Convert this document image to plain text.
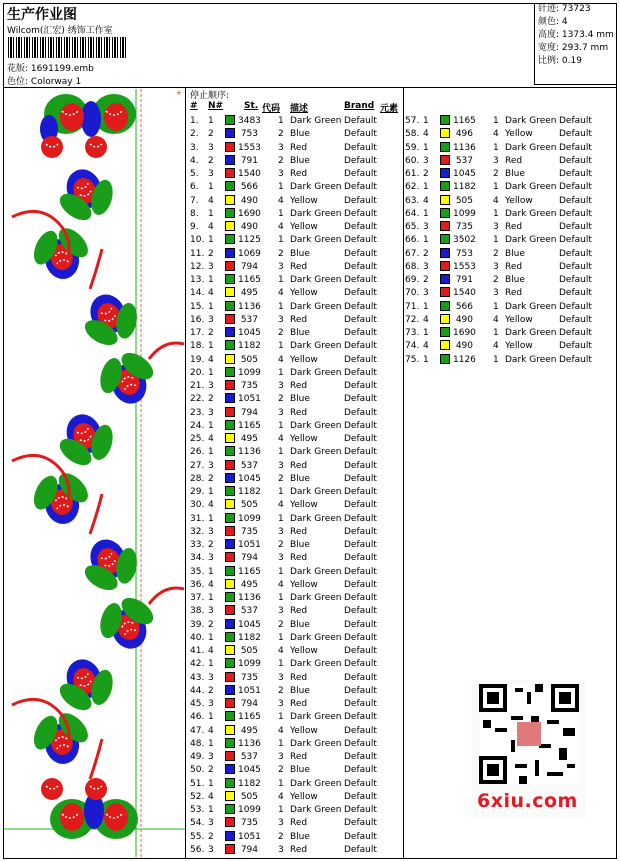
生产作业图
Wilcom(汇宏) 绣饰工作室
花版: 1691199.emb
色位: Colorway 1
针迹: 73723
颜色: 4
高度: 1373.4 mm
宽度: 293.7 mm
比例: 0.19
+ 停止顺序:
# N# St. 代码 描述	Brand 元素
1. 1	3483 1 Dark Green Default
2. 2	753 2 Blue	Default
3. 3	1553 3 Red	Default
4. 2	791 2 Blue	Default
5. 3	1540 3 Red	Default
6. 1	566 1 Dark Green Default
7. 4	490 4 Yellow	Default
8. 1	1690 1 Dark Green Default
9. 4	490 4 Yellow	Default
10. 1	1125 1 Dark Green Default
11. 2	1069 2 Blue	Default
12. 3	794 3 Red	Default
13. 1	1165 1 Dark Green Default
14. 4	495 4 Yellow	Default
15. 1	1136 1 Dark Green Default
16. 3	537 3 Red	Default
17. 2	1045 2 Blue	Default
18. 1	1182 1 Dark Green Default
19. 4	505 4 Yellow	Default
20. 1	1099 1 Dark Green Default
21. 3	735 3 Red	Default
22. 2	1051 2 Blue	Default
23. 3	794 3 Red	Default
24. 1	1165 1 Dark Green Default
25. 4	495 4 Yellow	Default
26. 1	1136 1 Dark Green Default
27. 3	537 3 Red	Default
28. 2	1045 2 Blue	Default
29. 1	1182 1 Dark Green Default
30. 4	505 4 Yellow	Default
31. 1	1099 1 Dark Green Default
32. 3	735 3 Red	Default
33. 2	1051 2 Blue	Default
34. 3	794 3 Red	Default
35. 1	1165 1 Dark Green Default
36. 4	495 4 Yellow	Default
37. 1	1136 1 Dark Green Default
38. 3	537 3 Red	Default
39. 2	1045 2 Blue	Default
40. 1	1182 1 Dark Green Default
41. 4	505 4 Yellow	Default
42. 1	1099 1 Dark Green Default
43. 3	735 3 Red	Default
44. 2	1051 2 Blue	Default
45. 3	794 3 Red	Default
46. 1	1165 1 Dark Green Default
47. 4	495 4 Yellow	Default
48. 1	1136 1 Dark Green Default
49. 3	537 3 Red	Default
50. 2	1045 2 Blue	Default
51. 1	1182 1 Dark Green Default
52. 4	505 4 Yellow	Default
53. 1	1099 1 Dark Green Default
54. 3	735 3 Red	Default
55. 2	1051 2 Blue	Default
56. 3	794 3 Red	Default
57. 1	1165 1 Dark Green Default
58. 4	496 4 Yellow	Default
59. 1	1136 1 Dark Green Default
60. 3	537 3 Red	Default
61. 2	1045 2 Blue	Default
62. 1	1182 1 Dark Green Default
63. 4	505 4 Yellow	Default
64. 1	1099 1 Dark Green Default
65. 3	735 3 Red	Default
66. 1	3502 1 Dark Green Default
67. 2	753 2 Blue	Default
68. 3	1553 3 Red	Default
69. 2	791 2 Blue	Default
70. 3	1540 3 Red	Default
71. 1	566 1 Dark Green Default
72. 4	490 4 Yellow	Default
73. 1	1690 1 Dark Green Default
74. 4	490 4 Yellow	Default
75. 1	1126 1 Dark Green Default
6xiu.com
